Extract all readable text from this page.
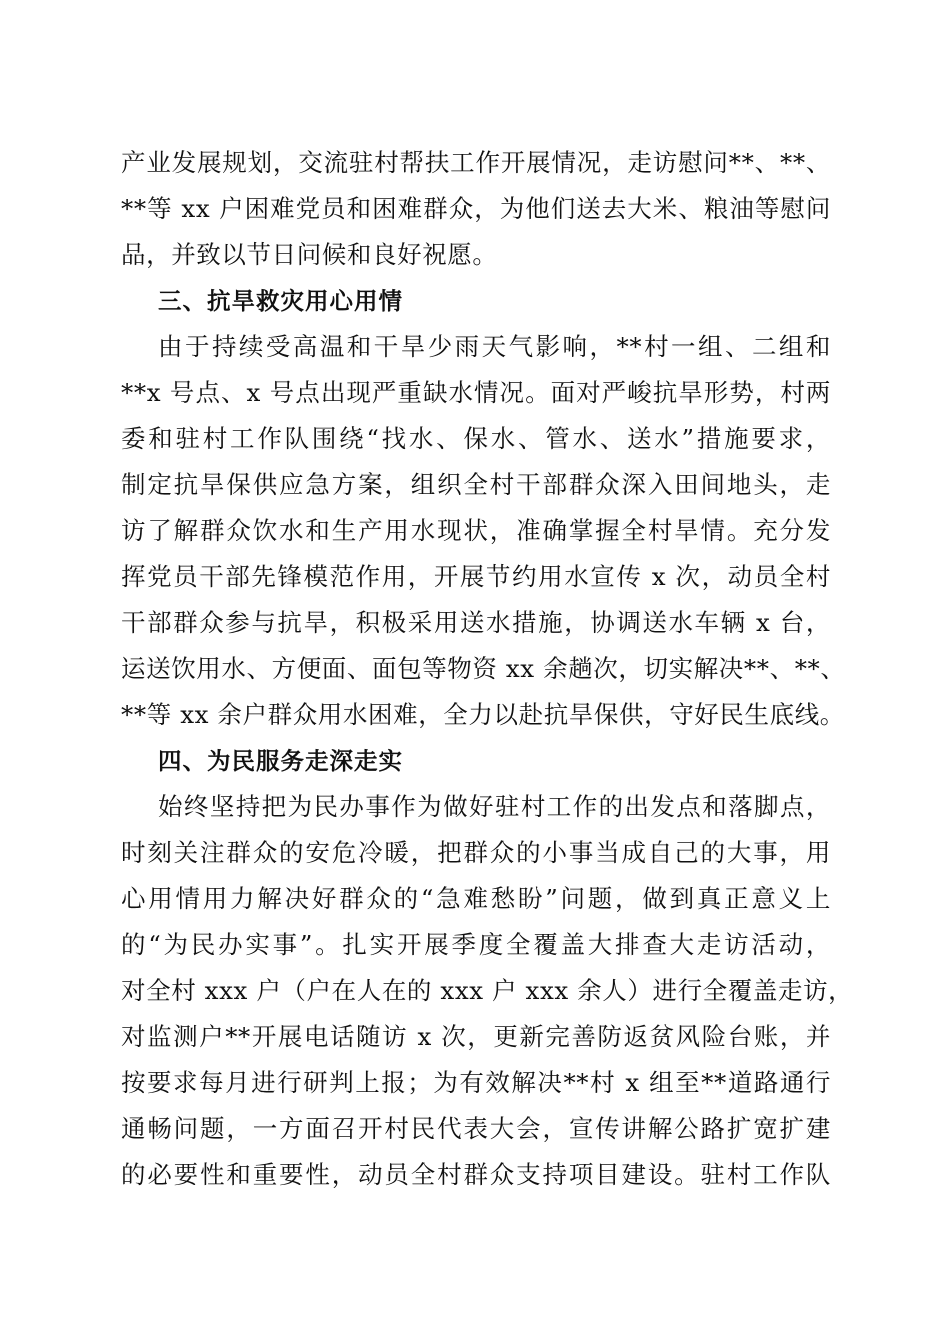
产业发展规划，交流驻村帮扶工作开展情况，走访慰问**、**、
**等 xx 户困难党员和困难群众，为他们送去大米、粮油等慰问
品，并致以节日问候和良好祝愿。
三、抗旱救灾用心用情
由于持续受高温和干旱少雨天气影响，**村一组、二组和
**x 号点、x 号点出现严重缺水情况。面对严峻抗旱形势，村两
委和驻村工作队围绕“找水、保水、管水、送水”措施要求，
制定抗旱保供应急方案，组织全村干部群众深入田间地头，走
访了解群众饮水和生产用水现状，准确掌握全村旱情。充分发
挥党员干部先锋模范作用，开展节约用水宣传 x 次，动员全村
干部群众参与抗旱，积极采用送水措施，协调送水车辆 x 台，
运送饮用水、方便面、面包等物资 xx 余趟次，切实解决**、**、
**等 xx 余户群众用水困难，全力以赴抗旱保供，守好民生底线。
四、为民服务走深走实
始终坚持把为民办事作为做好驻村工作的出发点和落脚点，
时刻关注群众的安危冷暖，把群众的小事当成自己的大事，用
心用情用力解决好群众的“急难愁盼”问题，做到真正意义上
的“为民办实事”。扎实开展季度全覆盖大排查大走访活动，
对全村 xxx 户（户在人在的 xxx 户 xxx 余人）进行全覆盖走访，
对监测户**开展电话随访 x 次，更新完善防返贫风险台账，并
按要求每月进行研判上报；为有效解决**村 x 组至**道路通行
通畅问题，一方面召开村民代表大会，宣传讲解公路扩宽扩建
的必要性和重要性，动员全村群众支持项目建设。驻村工作队
